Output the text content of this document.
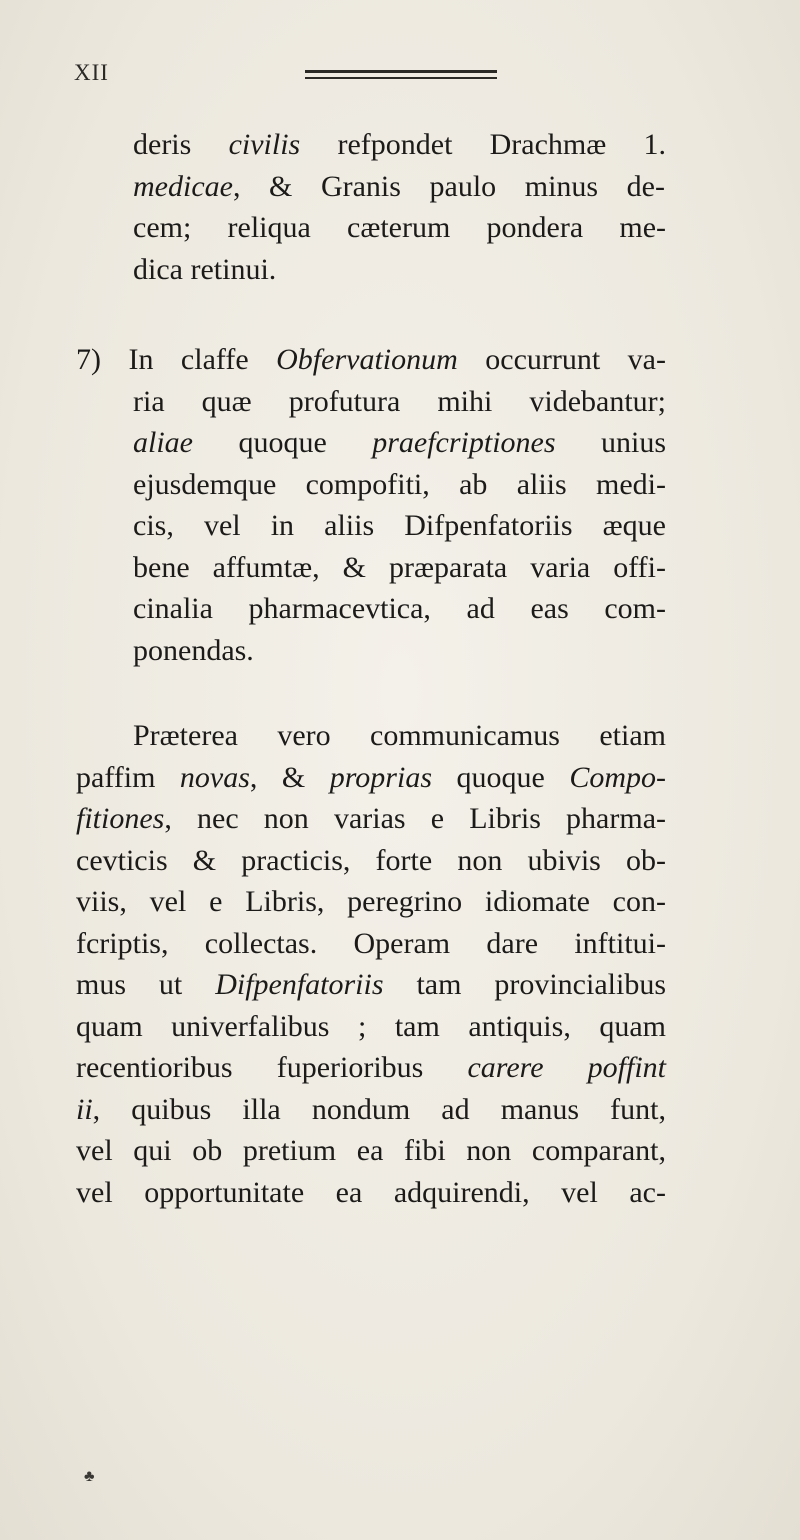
XII
deris civilis refpondet Drachmæ 1.
medicae, & Granis paulo minus de-
cem; reliqua cæterum pondera me-
dica retinui.
7) In claffe Obfervationum occurrunt va-
ria quæ profutura mihi videbantur;
aliae quoque praefcriptiones unius
ejusdemque compofiti, ab aliis medi-
cis, vel in aliis Difpenfatoriis æque
bene affumtæ, & præparata varia offi-
cinalia pharmacevtica, ad eas com-
ponendas.
Præterea vero communicamus etiam
paffim novas, & proprias quoque Compo-
fitiones, nec non varias e Libris pharma-
cevticis & practicis, forte non ubivis ob-
viis, vel e Libris, peregrino idiomate con-
fcriptis, collectas. Operam dare inftitui-
mus ut Difpenfatoriis tam provincialibus
quam univerfalibus ; tam antiquis, quam
recentioribus fuperioribus carere poffint
ii, quibus illa nondum ad manus funt,
vel qui ob pretium ea fibi non comparant,
vel opportunitate ea adquirendi, vel ac-
♣
